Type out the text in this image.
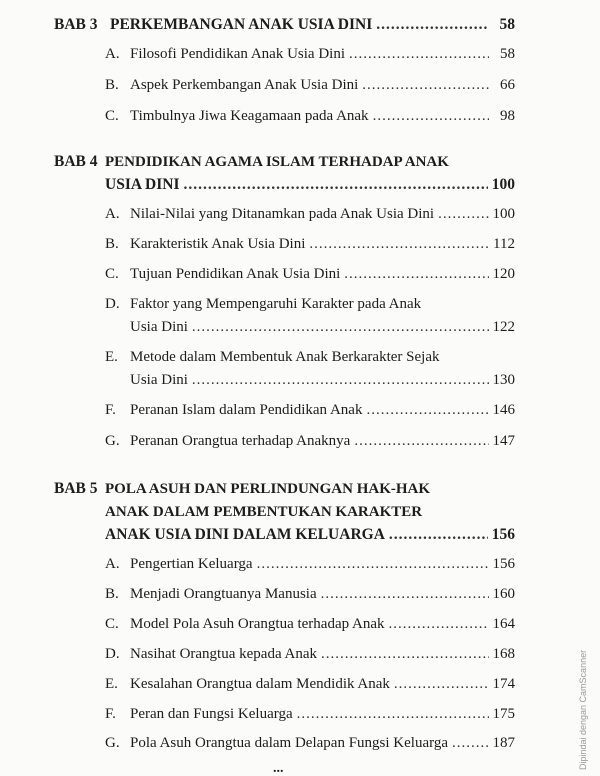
BAB 3 PERKEMBANGAN ANAK USIA DINI .....	58
A. Filosofi Pendidikan Anak Usia Dini .....	58
B. Aspek Perkembangan Anak Usia Dini .....	66
C. Timbulnya Jiwa Keagamaan pada Anak .....	98
BAB 4 PENDIDIKAN AGAMA ISLAM TERHADAP ANAK
USIA DINI .....	100
A. Nilai-Nilai yang Ditanamkan pada Anak Usia Dini .....	100
B. Karakteristik Anak Usia Dini .....	112
C. Tujuan Pendidikan Anak Usia Dini .....	120
D. Faktor yang Mempengaruhi Karakter pada Anak
Usia Dini .....	122
E. Metode dalam Membentuk Anak Berkarakter Sejak
Usia Dini .....	130
F. Peranan Islam dalam Pendidikan Anak .....	146
G. Peranan Orangtua terhadap Anaknya .....	147
BAB 5 POLA ASUH DAN PERLINDUNGAN HAK-HAK
ANAK DALAM PEMBENTUKAN KARAKTER
ANAK USIA DINI DALAM KELUARGA .....	156
A. Pengertian Keluarga .....	156
B. Menjadi Orangtuanya Manusia .....	160
C. Model Pola Asuh Orangtua terhadap Anak .....	164
D. Nasihat Orangtua kepada Anak .....	168
E. Kesalahan Orangtua dalam Mendidik Anak .....	174
F. Peran dan Fungsi Keluarga .....	175
G. Pola Asuh Orangtua dalam Delapan Fungsi Keluarga .....	187
...	Dipindai dengan CamScanner
